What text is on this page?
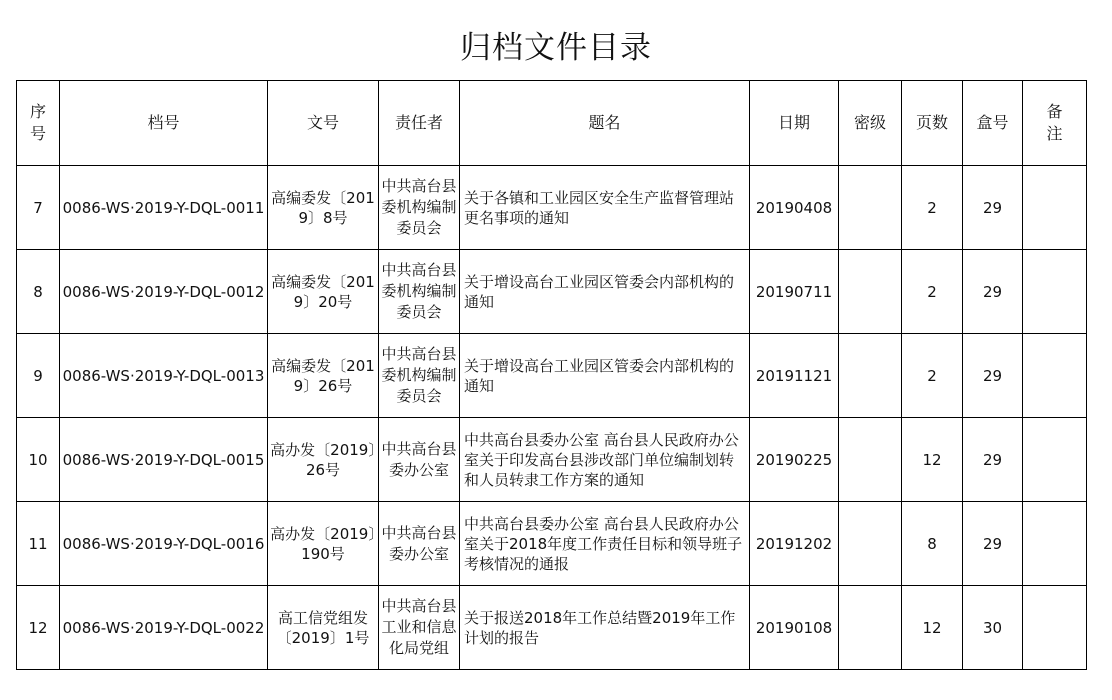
归档文件目录
序号	档号	文号	责任者	题名	日期	密级	页数	盒号	备注
7	0086-WS·2019-Y-DQL-0011	高编委发〔2019〕8号	中共高台县委机构编制委员会	关于各镇和工业园区安全生产监督管理站更名事项的通知	20190408		2	29	
8	0086-WS·2019-Y-DQL-0012	高编委发〔2019〕20号	中共高台县委机构编制委员会	关于增设高台工业园区管委会内部机构的通知	20190711		2	29	
9	0086-WS·2019-Y-DQL-0013	高编委发〔2019〕26号	中共高台县委机构编制委员会	关于增设高台工业园区管委会内部机构的通知	20191121		2	29	
10	0086-WS·2019-Y-DQL-0015	高办发〔2019〕26号	中共高台县委办公室	中共高台县委办公室 高台县人民政府办公室关于印发高台县涉改部门单位编制划转和人员转隶工作方案的通知	20190225		12	29	
11	0086-WS·2019-Y-DQL-0016	高办发〔2019〕190号	中共高台县委办公室	中共高台县委办公室 高台县人民政府办公室关于2018年度工作责任目标和领导班子考核情况的通报	20191202		8	29	
12	0086-WS·2019-Y-DQL-0022	高工信党组发〔2019〕1号	中共高台县工业和信息化局党组	关于报送2018年工作总结暨2019年工作计划的报告	20190108		12	30	
